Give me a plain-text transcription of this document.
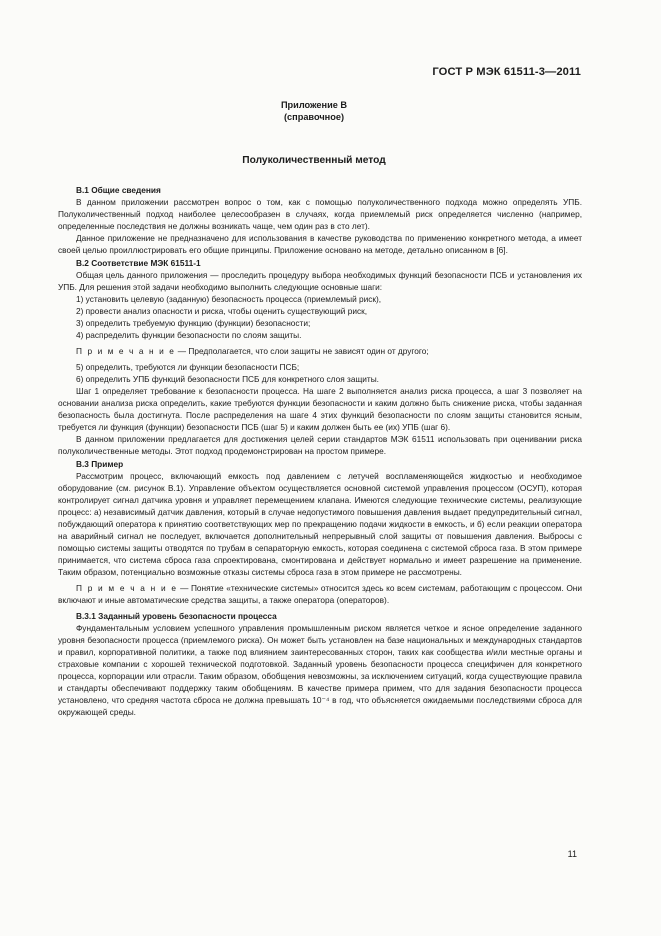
ГОСТ Р МЭК 61511-3—2011
Приложение В
(справочное)
Полуколичественный метод

В.1 Общие сведения

В данном приложении рассмотрен вопрос о том, как с помощью полуколичественного подхода можно определять УПБ. Полуколичественный подход наиболее целесообразен в случаях, когда приемлемый риск определяется численно (например, определенные последствия не должны возникать чаще, чем один раз в сто лет).

Данное приложение не предназначено для использования в качестве руководства по применению конкретного метода, а имеет своей целью проиллюстрировать его общие принципы. Приложение основано на методе, детально описанном в [6].

В.2 Соответствие МЭК 61511-1

Общая цель данного приложения — проследить процедуру выбора необходимых функций безопасности ПСБ и установления их УПБ. Для решения этой задачи необходимо выполнить следующие основные шаги:

1) установить целевую (заданную) безопасность процесса (приемлемый риск),

2) провести анализ опасности и риска, чтобы оценить существующий риск,

3) определить требуемую функцию (функции) безопасности;

4) распределить функции безопасности по слоям защиты.

П р и м е ч а н и е — Предполагается, что слои защиты не зависят один от другого;

5) определить, требуются ли функции безопасности ПСБ;

6) определить УПБ функций безопасности ПСБ для конкретного слоя защиты.

Шаг 1 определяет требование к безопасности процесса. На шаге 2 выполняется анализ риска процесса, а шаг 3 позволяет на основании анализа риска определить, какие требуются функции безопасности и каким должно быть снижение риска, чтобы заданная безопасность была достигнута. После распределения на шаге 4 этих функций безопасности по слоям защиты становится ясным, требуется ли функция (функции) безопасности ПСБ (шаг 5) и каким должен быть ее (их) УПБ (шаг 6).

В данном приложении предлагается для достижения целей серии стандартов МЭК 61511 использовать при оценивании риска полуколичественные методы. Этот подход продемонстрирован на простом примере.

В.3 Пример

Рассмотрим процесс, включающий емкость под давлением с летучей воспламеняющейся жидкостью и необходимое оборудование (см. рисунок В.1). Управление объектом осуществляется основной системой управления процессом (ОСУП), которая контролирует сигнал датчика уровня и управляет перемещением клапана. Имеются следующие технические системы, реализующие процесс: а) независимый датчик давления, который в случае недопустимого повышения давления выдает предупредительный сигнал, побуждающий оператора к принятию соответствующих мер по прекращению подачи жидкости в емкость, и б) если реакции оператора на аварийный сигнал не последует, включается дополнительный непрерывный слой защиты от повышения давления. Выбросы с помощью системы защиты отводятся по трубам в сепараторную емкость, которая соединена с системой сброса газа. В этом примере принимается, что система сброса газа спроектирована, смонтирована и действует нормально и имеет разрешение на применение. Таким образом, потенциально возможные отказы системы сброса газа в этом примере не рассмотрены.

П р и м е ч а н и е — Понятие «технические системы» относится здесь ко всем системам, работающим с процессом. Они включают и иные автоматические средства защиты, а также оператора (операторов).

В.3.1 Заданный уровень безопасности процесса

Фундаментальным условием успешного управления промышленным риском является четкое и ясное определение заданного уровня безопасности процесса (приемлемого риска). Он может быть установлен на базе национальных и международных стандартов и правил, корпоративной политики, а также под влиянием заинтересованных сторон, таких как сообщества и/или местные органы и страховые компании с хорошей технической подготовкой. Заданный уровень безопасности процесса специфичен для конкретного процесса, корпорации или отрасли. Таким образом, обобщения невозможны, за исключением ситуаций, когда существующие правила и стандарты обеспечивают поддержку таким обобщениям. В качестве примера примем, что для задания безопасности процесса установлено, что средняя частота сброса не должна превышать 10⁻⁴ в год, что объясняется ожидаемыми последствиями сброса для окружающей среды.

11
